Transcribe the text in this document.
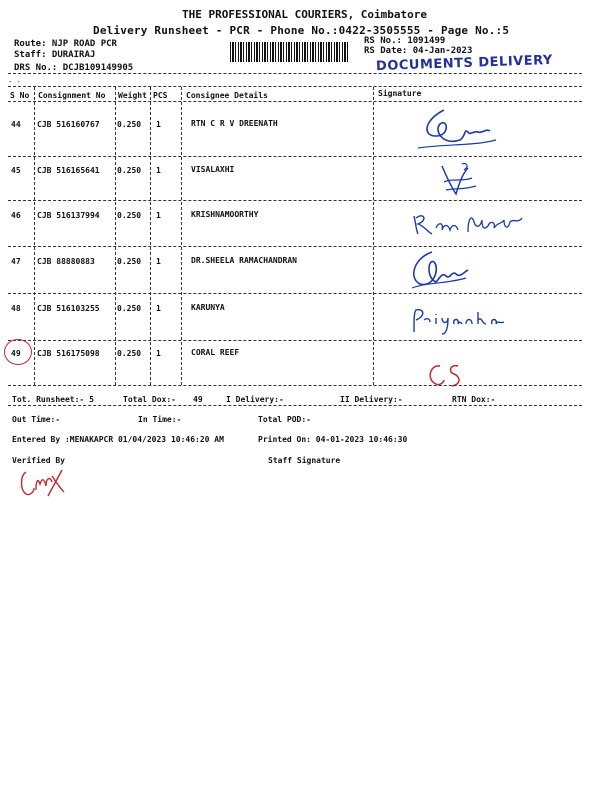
THE PROFESSIONAL COURIERS, Coimbatore
Delivery Runsheet - PCR - Phone No.:0422-3505555 - Page No.:5
Route: NJP ROAD PCR
Staff: DURAIRAJ
DRS No.: DCJB109149905
RS No.: 1091499
RS Date: 04-Jan-2023
DOCUMENTS DELIVERY
- -
S No Consignment No Weight PCS Consignee Details	Signature
44 CJB 516160767 0.250 1	RTN C R V DREENATH
45 CJB 516165641 0.250 1	VISALAXHI
46 CJB 516137994 0.250 1	KRISHNAMOORTHY
47 CJB 88880883	0.250 1	DR.SHEELA RAMACHANDRAN
48 CJB 516103255 0.250 1	KARUNYA
49 CJB 516175098 0.250 1	CORAL REEF
Tot. Runsheet:- 5	Total Dox:- 49	I Delivery:-	II Delivery:-	RTN Dox:-
Out Time:-	In Time:-	Total POD:-
Entered By :MENAKAPCR 01/04/2023 10:46:20 AM	Printed On: 04-01-2023 10:46:30
Verified By	Staff Signature
